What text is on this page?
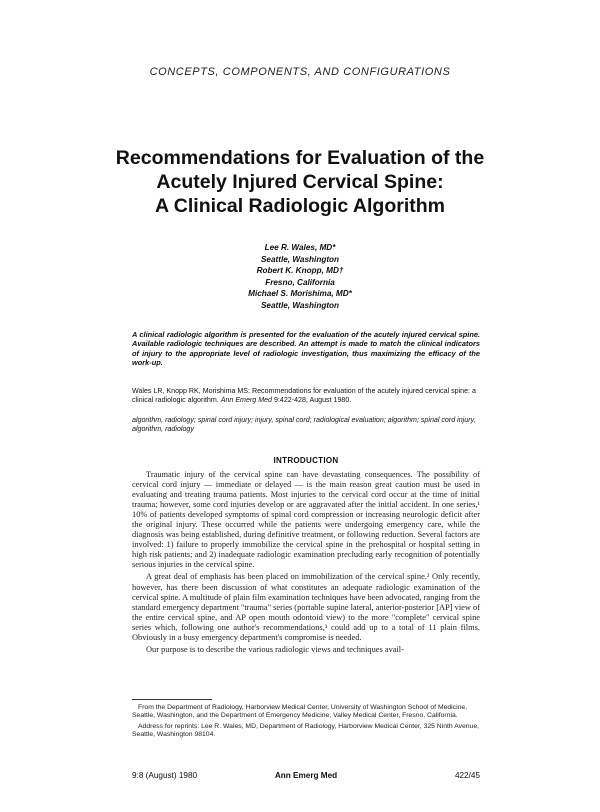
CONCEPTS, COMPONENTS, AND CONFIGURATIONS
Recommendations for Evaluation of the
Acutely Injured Cervical Spine:
A Clinical Radiologic Algorithm
Lee R. Wales, MD*
Seattle, Washington
Robert K. Knopp, MD†
Fresno, California
Michael S. Morishima, MD*
Seattle, Washington
A clinical radiologic algorithm is presented for the evaluation of the acutely injured cervical spine. Available radiologic techniques are described. An attempt is made to match the clinical indicators of injury to the appropriate level of radiologic investigation, thus maximizing the efficacy of the work-up.
Wales LR, Knopp RK, Morishima MS: Recommendations for evaluation of the acutely injured cervical spine: a clinical radiologic algorithm. Ann Emerg Med 9:422-428, August 1980.
algorithm, radiology; spinal cord injury; injury, spinal cord; radiological evaluation; algorithm; spinal cord injury, algorithm, radiology
INTRODUCTION

Traumatic injury of the cervical spine can have devastating consequences. The possibility of cervical cord injury — immediate or delayed — is the main reason great caution must be used in evaluating and treating trauma patients. Most injuries to the cervical cord occur at the time of initial trauma; however, some cord injuries develop or are aggravated after the initial accident. In one series,¹ 10% of patients developed symptoms of spinal cord compression or increasing neurologic deficit after the original injury. These occurred while the patients were undergoing emergency care, while the diagnosis was being established, during definitive treatment, or following reduction. Several factors are involved: 1) failure to properly immobilize the cervical spine in the prehospital or hospital setting in high risk patients; and 2) inadequate radiologic examination precluding early recognition of potentially serious injuries in the cervical spine.

A great deal of emphasis has been placed on immobilization of the cervical spine.² Only recently, however, has there been discussion of what constitutes an adequate radiologic examination of the cervical spine. A multitude of plain film examination techniques have been advocated, ranging from the standard emergency department "trauma" series (portable supine lateral, anterior-posterior [AP] view of the entire cervical spine, and AP open mouth odontoid view) to the more "complete" cervical spine series which, following one author's recommendations,³ could add up to a total of 11 plain films. Obviously in a busy emergency department's compromise is needed.

Our purpose is to describe the various radiologic views and techniques avail-

From the Department of Radiology, Harborview Medical Center, University of Washington School of Medicine, Seattle, Washington, and the Department of Emergency Medicine, Valley Medical Center, Fresno, California.

Address for reprints: Lee R. Wales, MD, Department of Radiology, Harborview Medical Center, 325 Ninth Avenue, Seattle, Washington 98104.

9:8 (August) 1980	Ann Emerg Med	422/45
